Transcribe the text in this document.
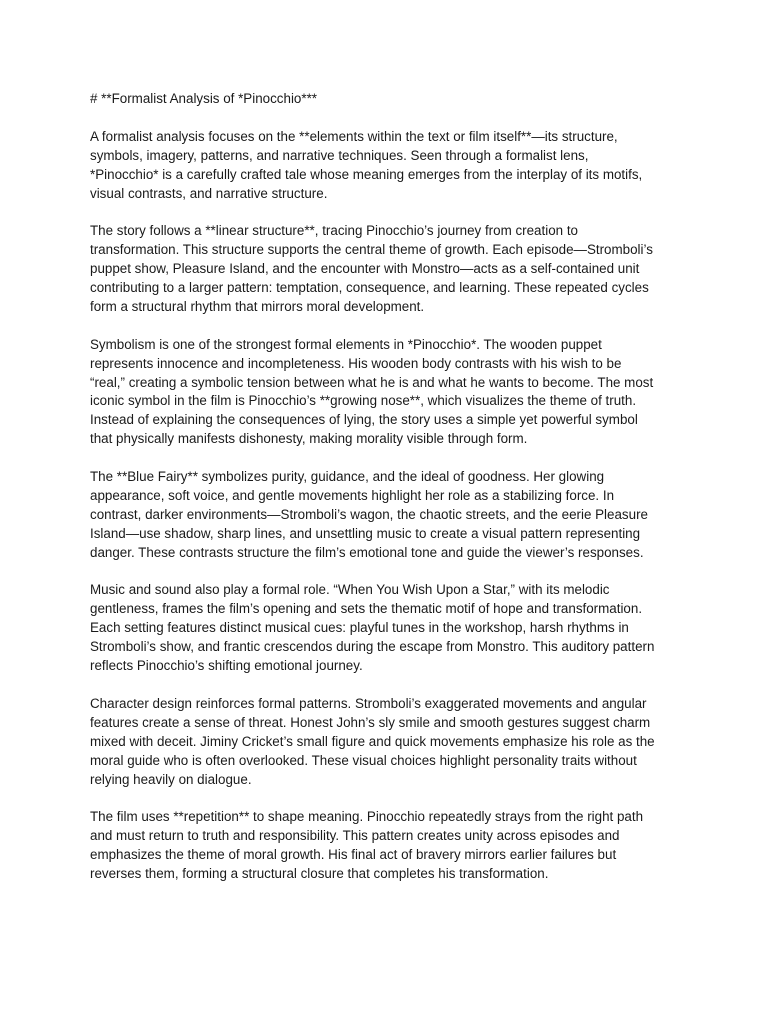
# **Formalist Analysis of *Pinocchio***
A formalist analysis focuses on the **elements within the text or film itself**—its structure,
symbols, imagery, patterns, and narrative techniques. Seen through a formalist lens,
*Pinocchio* is a carefully crafted tale whose meaning emerges from the interplay of its motifs,
visual contrasts, and narrative structure.
The story follows a **linear structure**, tracing Pinocchio’s journey from creation to
transformation. This structure supports the central theme of growth. Each episode—Stromboli’s
puppet show, Pleasure Island, and the encounter with Monstro—acts as a self-contained unit
contributing to a larger pattern: temptation, consequence, and learning. These repeated cycles
form a structural rhythm that mirrors moral development.
Symbolism is one of the strongest formal elements in *Pinocchio*. The wooden puppet
represents innocence and incompleteness. His wooden body contrasts with his wish to be
“real,” creating a symbolic tension between what he is and what he wants to become. The most
iconic symbol in the film is Pinocchio’s **growing nose**, which visualizes the theme of truth.
Instead of explaining the consequences of lying, the story uses a simple yet powerful symbol
that physically manifests dishonesty, making morality visible through form.
The **Blue Fairy** symbolizes purity, guidance, and the ideal of goodness. Her glowing
appearance, soft voice, and gentle movements highlight her role as a stabilizing force. In
contrast, darker environments—Stromboli’s wagon, the chaotic streets, and the eerie Pleasure
Island—use shadow, sharp lines, and unsettling music to create a visual pattern representing
danger. These contrasts structure the film’s emotional tone and guide the viewer’s responses.
Music and sound also play a formal role. “When You Wish Upon a Star,” with its melodic
gentleness, frames the film’s opening and sets the thematic motif of hope and transformation.
Each setting features distinct musical cues: playful tunes in the workshop, harsh rhythms in
Stromboli’s show, and frantic crescendos during the escape from Monstro. This auditory pattern
reflects Pinocchio’s shifting emotional journey.
Character design reinforces formal patterns. Stromboli’s exaggerated movements and angular
features create a sense of threat. Honest John’s sly smile and smooth gestures suggest charm
mixed with deceit. Jiminy Cricket’s small figure and quick movements emphasize his role as the
moral guide who is often overlooked. These visual choices highlight personality traits without
relying heavily on dialogue.
The film uses **repetition** to shape meaning. Pinocchio repeatedly strays from the right path
and must return to truth and responsibility. This pattern creates unity across episodes and
emphasizes the theme of moral growth. His final act of bravery mirrors earlier failures but
reverses them, forming a structural closure that completes his transformation.
